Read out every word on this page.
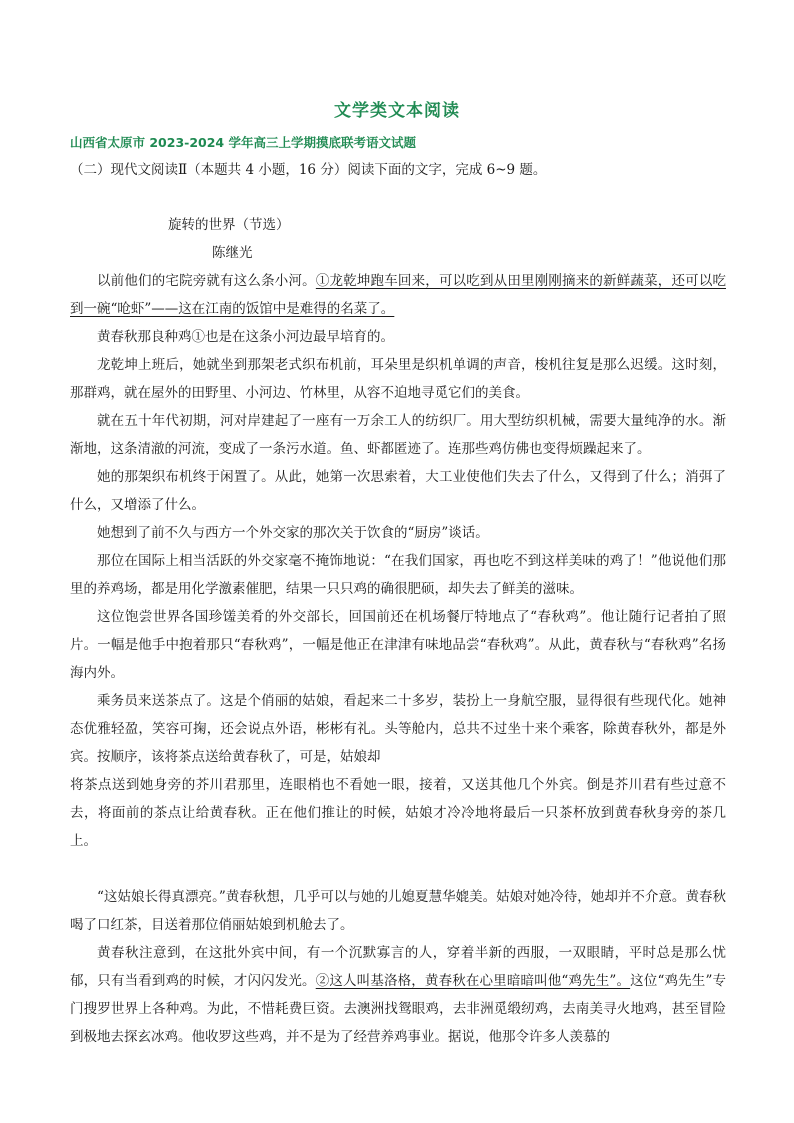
文学类文本阅读
山西省太原市 2023-2024 学年高三上学期摸底联考语文试题
（二）现代文阅读Ⅱ（本题共 4 小题，16 分）阅读下面的文字，完成 6~9 题。
旋转的世界（节选）
陈继光

以前他们的宅院旁就有这么条小河。①龙乾坤跑车回来，可以吃到从田里刚刚摘来的新鲜蔬菜，还可以吃到一碗“呛虾”——这在江南的饭馆中是难得的名菜了。

黄春秋那良种鸡①也是在这条小河边最早培育的。

龙乾坤上班后，她就坐到那架老式织布机前，耳朵里是织机单调的声音，梭机往复是那么迟缓。这时刻，那群鸡，就在屋外的田野里、小河边、竹林里，从容不迫地寻觅它们的美食。

就在五十年代初期，河对岸建起了一座有一万余工人的纺织厂。用大型纺织机械，需要大量纯净的水。渐渐地，这条清澈的河流，变成了一条污水道。鱼、虾都匿迹了。连那些鸡仿佛也变得烦躁起来了。

她的那架织布机终于闲置了。从此，她第一次思索着，大工业使他们失去了什么，又得到了什么；消弭了什么，又增添了什么。

她想到了前不久与西方一个外交家的那次关于饮食的“厨房”谈话。

那位在国际上相当活跃的外交家毫不掩饰地说：“在我们国家，再也吃不到这样美味的鸡了！”他说他们那里的养鸡场，都是用化学激素催肥，结果一只只鸡的确很肥硕，却失去了鲜美的滋味。

这位饱尝世界各国珍馐美肴的外交部长，回国前还在机场餐厅特地点了“春秋鸡”。他让随行记者拍了照片。一幅是他手中抱着那只“春秋鸡”，一幅是他正在津津有味地品尝“春秋鸡”。从此，黄春秋与“春秋鸡”名扬海内外。

乘务员来送茶点了。这是个俏丽的姑娘，看起来二十多岁，装扮上一身航空服，显得很有些现代化。她神态优雅轻盈，笑容可掬，还会说点外语，彬彬有礼。头等舱内，总共不过坐十来个乘客，除黄春秋外，都是外宾。按顺序，该将茶点送给黄春秋了，可是，姑娘却

将茶点送到她身旁的芥川君那里，连眼梢也不看她一眼，接着，又送其他几个外宾。倒是芥川君有些过意不去，将面前的茶点让给黄春秋。正在他们推让的时候，姑娘才冷冷地将最后一只茶杯放到黄春秋身旁的茶几上。

“这姑娘长得真漂亮。”黄春秋想，几乎可以与她的儿媳夏慧华媲美。姑娘对她冷待，她却并不介意。黄春秋喝了口红茶，目送着那位俏丽姑娘到机舱去了。

黄春秋注意到，在这批外宾中间，有一个沉默寡言的人，穿着半新的西服，一双眼睛，平时总是那么忧郁，只有当看到鸡的时候，才闪闪发光。②这人叫基洛格，黄春秋在心里暗暗叫他“鸡先生”。这位“鸡先生”专门搜罗世界上各种鸡。为此，不惜耗费巨资。去澳洲找鸳眼鸡，去非洲觅缎纫鸡，去南美寻火地鸡，甚至冒险到极地去探玄冰鸡。他收罗这些鸡，并不是为了经营养鸡事业。据说，他那令许多人羡慕的
